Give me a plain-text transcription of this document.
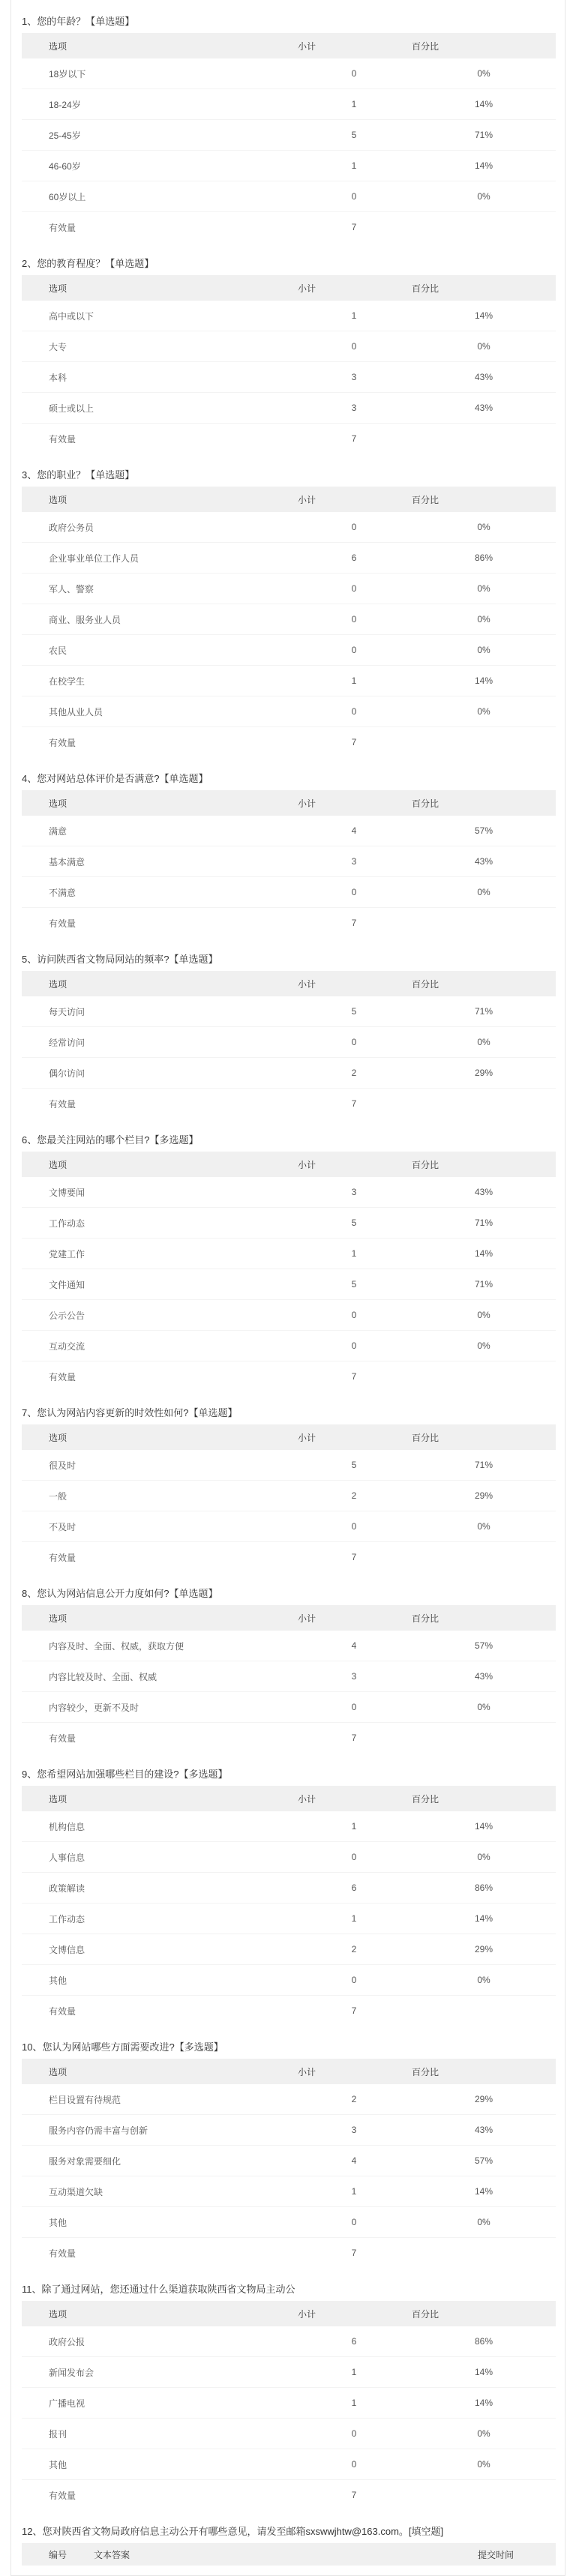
1、您的年龄？【单选题】
选项	小计	百分比
18岁以下	0	0%
18-24岁	1	14%
25-45岁	5	71%
46-60岁	1	14%
60岁以上	0	0%
有效量	7	
2、您的教育程度？【单选题】
选项	小计	百分比
高中或以下	1	14%
大专	0	0%
本科	3	43%
硕士或以上	3	43%
有效量	7	
3、您的职业？【单选题】
选项	小计	百分比
政府公务员	0	0%
企业事业单位工作人员	6	86%
军人、警察	0	0%
商业、服务业人员	0	0%
农民	0	0%
在校学生	1	14%
其他从业人员	0	0%
有效量	7	
4、您对网站总体评价是否满意?【单选题】
选项	小计	百分比
满意	4	57%
基本满意	3	43%
不满意	0	0%
有效量	7	
5、访问陕西省文物局网站的频率?【单选题】
选项	小计	百分比
每天访问	5	71%
经常访问	0	0%
偶尔访问	2	29%
有效量	7	
6、您最关注网站的哪个栏目?【多选题】
选项	小计	百分比
文博要闻	3	43%
工作动态	5	71%
党建工作	1	14%
文件通知	5	71%
公示公告	0	0%
互动交流	0	0%
有效量	7	
7、您认为网站内容更新的时效性如何?【单选题】
选项	小计	百分比
很及时	5	71%
一般	2	29%
不及时	0	0%
有效量	7	
8、您认为网站信息公开力度如何?【单选题】
选项	小计	百分比
内容及时、全面、权威，获取方便	4	57%
内容比较及时、全面、权威	3	43%
内容较少，更新不及时	0	0%
有效量	7	
9、您希望网站加强哪些栏目的建设?【多选题】
选项	小计	百分比
机构信息	1	14%
人事信息	0	0%
政策解读	6	86%
工作动态	1	14%
文博信息	2	29%
其他	0	0%
有效量	7	
10、您认为网站哪些方面需要改进?【多选题】
选项	小计	百分比
栏目设置有待规范	2	29%
服务内容仍需丰富与创新	3	43%
服务对象需要细化	4	57%
互动渠道欠缺	1	14%
其他	0	0%
有效量	7	
11、除了通过网站，您还通过什么渠道获取陕西省文物局主动公
选项	小计	百分比
政府公报	6	86%
新闻发布会	1	14%
广播电视	1	14%
报刊	0	0%
其他	0	0%
有效量	7	
12、您对陕西省文物局政府信息主动公开有哪些意见，请发至邮箱sxswwjhtw@163.com。[填空题]
编号	文本答案	提交时间
